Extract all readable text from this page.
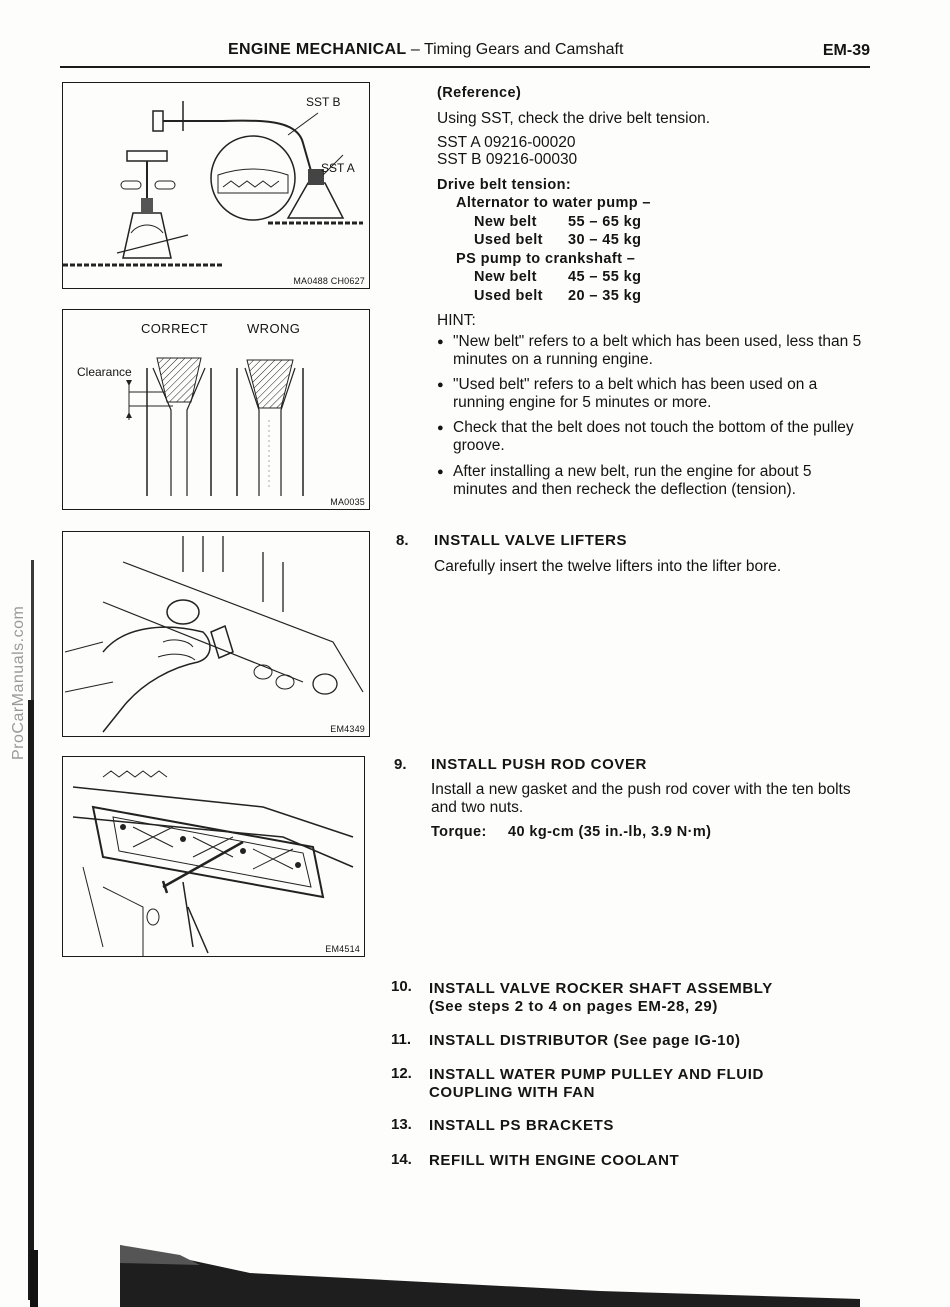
ProCarManuals.com
ENGINE MECHANICAL – Timing Gears and Camshaft	EM-39
SST B
SST A
MA0488 CH0627
CORRECT	WRONG
Clearance
MA0035
EM4349
EM4514
(Reference)
Using SST, check the drive belt tension.
SST A 09216-00020
SST B 09216-00030
Drive belt tension:
Alternator to water pump –
New belt 55 – 65 kg
Used belt 30 – 45 kg
PS pump to crankshaft –
New belt 45 – 55 kg
Used belt 20 – 35 kg
HINT:
● "New belt" refers to a belt which has been used, less than 5 minutes on a running engine.
● "Used belt" refers to a belt which has been used on a running engine for 5 minutes or more.
● Check that the belt does not touch the bottom of the pulley groove.
● After installing a new belt, run the engine for about 5 minutes and then recheck the deflection (tension).
8. INSTALL VALVE LIFTERS
Carefully insert the twelve lifters into the lifter bore.
9. INSTALL PUSH ROD COVER
Install a new gasket and the push rod cover with the ten bolts and two nuts.
Torque: 40 kg-cm (35 in.-lb, 3.9 N·m)
10. INSTALL VALVE ROCKER SHAFT ASSEMBLY
(See steps 2 to 4 on pages EM-28, 29)
11. INSTALL DISTRIBUTOR (See page IG-10)
12. INSTALL WATER PUMP PULLEY AND FLUID
COUPLING WITH FAN
13. INSTALL PS BRACKETS
14. REFILL WITH ENGINE COOLANT
